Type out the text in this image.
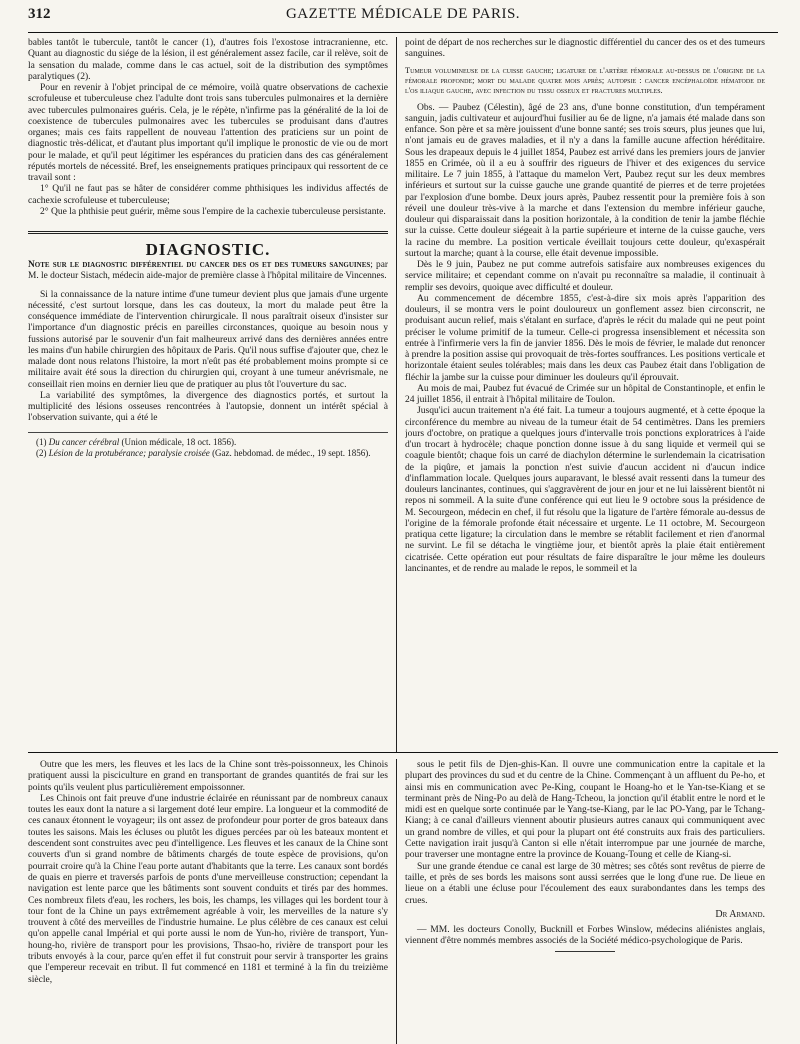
312	GAZETTE MÉDICALE DE PARIS.

bables tantôt le tubercule, tantôt le cancer (1), d'autres fois l'exostose intracranienne, etc. Quant au diagnostic du siége de la lésion, il est généralement assez facile, car il relève, soit de la sensation du malade, comme dans le cas actuel, soit de la distribution des symptômes paralytiques (2).

Pour en revenir à l'objet principal de ce mémoire, voilà quatre observations de cachexie scrofuleuse et tuberculeuse chez l'adulte dont trois sans tubercules pulmonaires et la dernière avec tubercules pulmonaires guéris. Cela, je le répète, n'infirme pas la généralité de la loi de coexistence de tubercules pulmonaires avec les tubercules se produisant dans d'autres organes; mais ces faits rappellent de nouveau l'attention des praticiens sur un point de diagnostic très-délicat, et d'autant plus important qu'il implique le pronostic de vie ou de mort pour le malade, et qu'il peut légitimer les espérances du praticien dans des cas généralement réputés mortels de nécessité. Bref, les enseignements pratiques principaux qui ressortent de ce travail sont :

1° Qu'il ne faut pas se hâter de considérer comme phthisiques les individus affectés de cachexie scrofuleuse et tuberculeuse;

2° Que la phthisie peut guérir, même sous l'empire de la cachexie tuberculeuse persistante.

DIAGNOSTIC.

Note sur le diagnostic différentiel du cancer des os et des tumeurs sanguines; par M. le docteur Sistach, médecin aide-major de première classe à l'hôpital militaire de Vincennes.

Si la connaissance de la nature intime d'une tumeur devient plus que jamais d'une urgente nécessité, c'est surtout lorsque, dans les cas douteux, la mort du malade peut être la conséquence immédiate de l'intervention chirurgicale. Il nous paraîtrait oiseux d'insister sur l'importance d'un diagnostic précis en pareilles circonstances, quoique au besoin nous y fussions autorisé par le souvenir d'un fait malheureux arrivé dans des dernières années entre les mains d'un habile chirurgien des hôpitaux de Paris. Qu'il nous suffise d'ajouter que, chez le malade dont nous relatons l'histoire, la mort n'eût pas été probablement moins prompte si ce militaire avait été sous la direction du chirurgien qui, croyant à une tumeur anévrismale, ne conseillait rien moins en dernier lieu que de pratiquer au plus tôt l'ouverture du sac.

La variabilité des symptômes, la divergence des diagnostics portés, et surtout la multiplicité des lésions osseuses rencontrées à l'autopsie, donnent un intérêt spécial à l'observation suivante, qui a été le

(1) Du cancer cérébral (Union médicale, 18 oct. 1856).

(2) Lésion de la protubérance; paralysie croisée (Gaz. hebdomad. de médec., 19 sept. 1856).

point de départ de nos recherches sur le diagnostic différentiel du cancer des os et des tumeurs sanguines.

Tumeur volumineuse de la cuisse gauche; ligature de l'artère fémorale au-dessus de l'origine de la fémorale profonde; mort du malade quatre mois après; autopsie : cancer encéphaloïde hématode de l'os iliaque gauche, avec infection du tissu osseux et fractures multiples.

Obs. — Paubez (Célestin), âgé de 23 ans, d'une bonne constitution, d'un tempérament sanguin, jadis cultivateur et aujourd'hui fusilier au 6e de ligne, n'a jamais été malade dans son enfance. Son père et sa mère jouissent d'une bonne santé; ses trois sœurs, plus jeunes que lui, n'ont jamais eu de graves maladies, et il n'y a dans la famille aucune affection héréditaire. Sous les drapeaux depuis le 4 juillet 1854, Paubez est arrivé dans les premiers jours de janvier 1855 en Crimée, où il a eu à souffrir des rigueurs de l'hiver et des exigences du service militaire. Le 7 juin 1855, à l'attaque du mamelon Vert, Paubez reçut sur les deux membres inférieurs et surtout sur la cuisse gauche une grande quantité de pierres et de terre projetées par l'explosion d'une bombe. Deux jours après, Paubez ressentit pour la première fois à son réveil une douleur très-vive à la marche et dans l'extension du membre inférieur gauche, douleur qui disparaissait dans la position horizontale, à la condition de tenir la jambe fléchie sur la cuisse. Cette douleur siégeait à la partie supérieure et interne de la cuisse gauche, vers la racine du membre. La position verticale éveillait toujours cette douleur, qu'exaspérait surtout la marche; quant à la course, elle était devenue impossible.

Dès le 9 juin, Paubez ne put comme autrefois satisfaire aux nombreuses exigences du service militaire; et cependant comme on n'avait pu reconnaître sa maladie, il continuait à remplir ses devoirs, quoique avec difficulté et douleur.

Au commencement de décembre 1855, c'est-à-dire six mois après l'apparition des douleurs, il se montra vers le point douloureux un gonflement assez bien circonscrit, ne produisant aucun relief, mais s'étalant en surface, d'après le récit du malade qui ne peut point préciser le volume primitif de la tumeur. Celle-ci progressa insensiblement et nécessita son entrée à l'infirmerie vers la fin de janvier 1856. Dès le mois de février, le malade dut renoncer à prendre la position assise qui provoquait de très-fortes souffrances. Les positions verticale et horizontale étaient seules tolérables; mais dans les deux cas Paubez était dans l'obligation de fléchir la jambe sur la cuisse pour diminuer les douleurs qu'il éprouvait.

Au mois de mai, Paubez fut évacué de Crimée sur un hôpital de Constantinople, et enfin le 24 juillet 1856, il entrait à l'hôpital militaire de Toulon.

Jusqu'ici aucun traitement n'a été fait. La tumeur a toujours augmenté, et à cette époque la circonférence du membre au niveau de la tumeur était de 54 centimètres. Dans les premiers jours d'octobre, on pratique a quelques jours d'intervalle trois ponctions exploratrices à l'aide d'un trocart à hydrocèle; chaque ponction donne issue à du sang liquide et vermeil qui se coagule bientôt; chaque fois un carré de diachylon détermine le surlendemain la cicatrisation de la piqûre, et jamais la ponction n'est suivie d'aucun accident ni d'aucun indice d'inflammation locale. Quelques jours auparavant, le blessé avait ressenti dans la tumeur des douleurs lancinantes, continues, qui s'aggravèrent de jour en jour et ne lui laissèrent bientôt ni repos ni sommeil. A la suite d'une conférence qui eut lieu le 9 octobre sous la présidence de M. Secourgeon, médecin en chef, il fut résolu que la ligature de l'artère fémorale au-dessus de l'origine de la fémorale profonde était nécessaire et urgente. Le 11 octobre, M. Secourgeon pratiqua cette ligature; la circulation dans le membre se rétablit facilement et rien d'anormal ne survint. Le fil se détacha le vingtième jour, et bientôt après la plaie était entièrement cicatrisée. Cette opération eut pour résultats de faire disparaître le jour même les douleurs lancinantes, et de rendre au malade le repos, le sommeil et la

Outre que les mers, les fleuves et les lacs de la Chine sont très-poissonneux, les Chinois pratiquent aussi la pisciculture en grand en transportant de grandes quantités de frai sur les points qu'ils veulent plus particulièrement empoissonner.

Les Chinois ont fait preuve d'une industrie éclairée en réunissant par de nombreux canaux toutes les eaux dont la nature a si largement doté leur empire. La longueur et la commodité de ces canaux étonnent le voyageur; ils ont assez de profondeur pour porter de gros bateaux dans toutes les saisons. Mais les écluses ou plutôt les digues percées par où les bateaux montent et descendent sont construites avec peu d'intelligence. Les fleuves et les canaux de la Chine sont couverts d'un si grand nombre de bâtiments chargés de toute espèce de provisions, qu'on pourrait croire qu'à la Chine l'eau porte autant d'habitants que la terre. Les canaux sont bordés de quais en pierre et traversés parfois de ponts d'une merveilleuse construction; cependant la navigation est lente parce que les bâtiments sont souvent conduits et tirés par des hommes. Ces nombreux filets d'eau, les rochers, les bois, les champs, les villages qui les bordent tour à tour font de la Chine un pays extrêmement agréable à voir, les merveilles de la nature s'y trouvent à côté des merveilles de l'industrie humaine. Le plus célèbre de ces canaux est celui qu'on appelle canal Impérial et qui porte aussi le nom de Yun-ho, rivière de transport, Yun-houng-ho, rivière de transport pour les provisions, Thsao-ho, rivière de transport pour les tributs envoyés à la cour, parce qu'en effet il fut construit pour servir à transporter les grains que l'empereur recevait en tribut. Il fut commencé en 1181 et terminé à la fin du treizième siècle,

sous le petit fils de Djen-ghis-Kan. Il ouvre une communication entre la capitale et la plupart des provinces du sud et du centre de la Chine. Commençant à un affluent du Pe-ho, et ainsi mis en communication avec Pe-King, coupant le Hoang-ho et le Yan-tse-Kiang et se terminant près de Ning-Po au delà de Hang-Tcheou, la jonction qu'il établit entre le nord et le midi est en quelque sorte continuée par le Yang-tse-Kiang, par le lac PO-Yang, par le Tchang-Kiang; à ce canal d'ailleurs viennent aboutir plusieurs autres canaux qui communiquent avec un grand nombre de villes, et qui pour la plupart ont été construits aux frais des particuliers. Cette navigation irait jusqu'à Canton si elle n'était interrompue par une journée de marche, pour traverser une montagne entre la province de Kouang-Toung et celle de Kiang-si.

Sur une grande étendue ce canal est large de 30 mètres; ses côtés sont revêtus de pierre de taille, et près de ses bords les maisons sont aussi serrées que le long d'une rue. De lieue en lieue on a établi une écluse pour l'écoulement des eaux surabondantes dans les temps des crues.

Dr Armand.

— MM. les docteurs Conolly, Bucknill et Forbes Winslow, médecins aliénistes anglais, viennent d'être nommés membres associés de la Société médico-psychologique de Paris.
